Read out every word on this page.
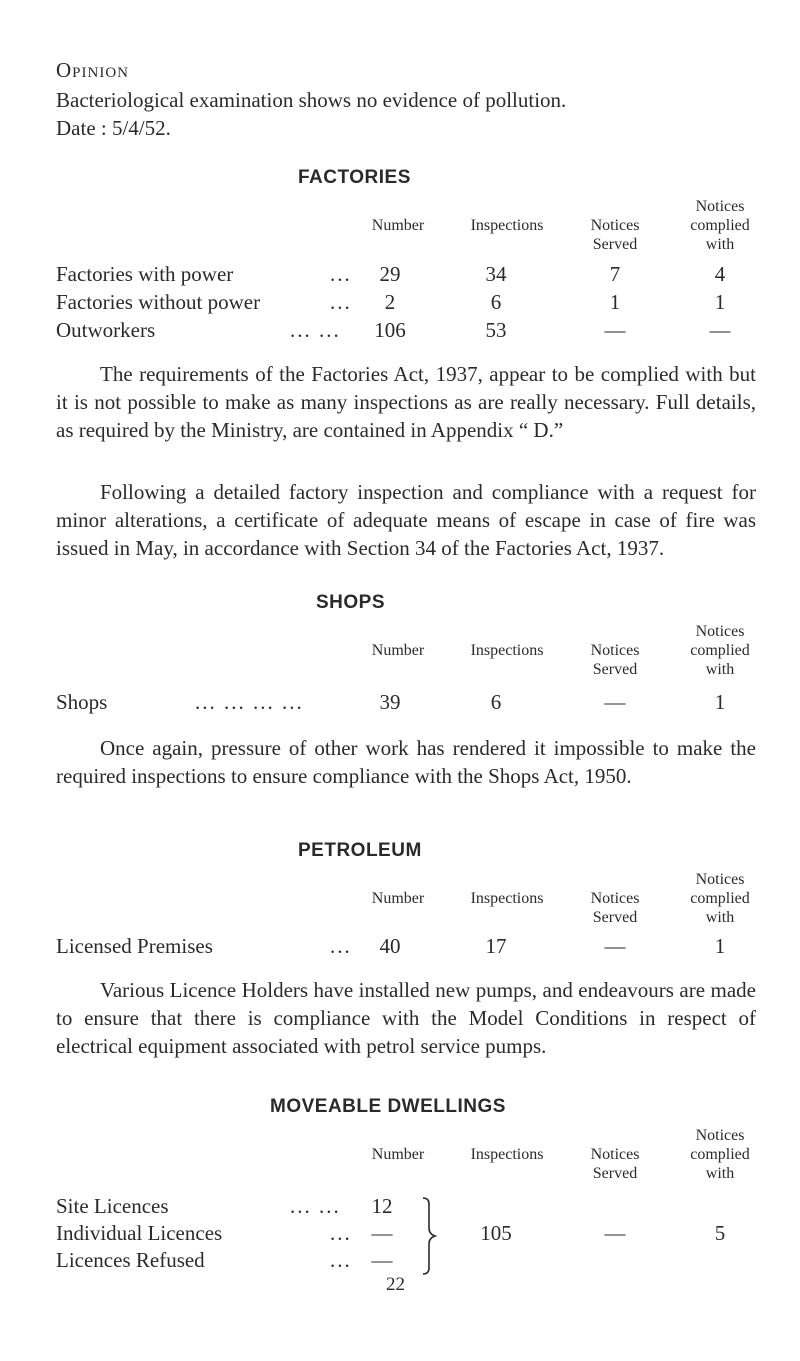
Opinion
Bacteriological examination shows no evidence of pollution.
Date : 5/4/52.
FACTORIES
Number	Inspections	Notices
Served
Notices
complied
with
Factories with power	...	29	34	7	4
Factories without power	...	2	6	1	1
Outworkers	... ...	106	53	—	—
The requirements of the Factories Act, 1937, appear to be complied with but it is not possible to make as many inspections as are really necessary. Full details, as required by the Ministry, are contained in Appendix “ D.”
Following a detailed factory inspection and compliance with a request for minor alterations, a certificate of adequate means of escape in case of fire was issued in May, in accordance with Section 34 of the Factories Act, 1937.
SHOPS
Number	Inspections	Notices
Served
Notices
complied
with
Shops	... ... ... ...	39	6	—	1
Once again, pressure of other work has rendered it impossible to make the required inspections to ensure compliance with the Shops Act, 1950.
PETROLEUM
Number	Inspections	Notices
Served
Notices
complied
with
Licensed Premises	...	40	17	—	1
Various Licence Holders have installed new pumps, and endeavours are made to ensure that there is compliance with the Model Conditions in respect of electrical equipment associated with petrol service pumps.
MOVEABLE DWELLINGS
Number	Inspections	Notices
Served
Notices
complied
with
Site Licences	... ...	12
Individual Licences	... —
Licences Refused	... —
105	—	5
22
